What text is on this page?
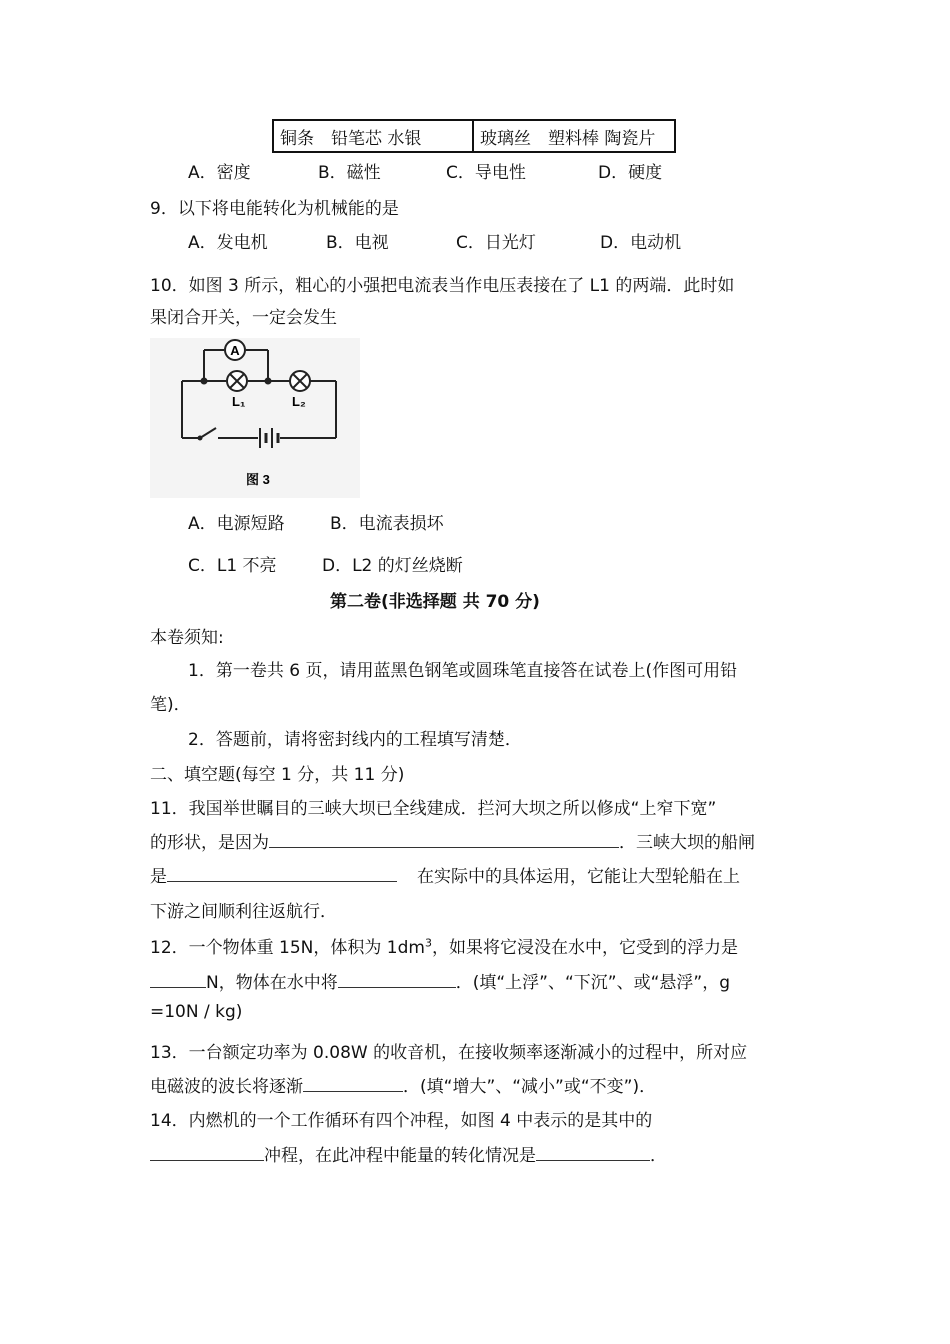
铜条　铅笔芯 水银	玻璃丝　塑料棒 陶瓷片
A．密度	B．磁性	C．导电性	D．硬度
9．以下将电能转化为机械能的是
A．发电机	B．电视	C．日光灯	D．电动机
10．如图 3 所示，粗心的小强把电流表当作电压表接在了 L1 的两端．此时如
果闭合开关，一定会发生
A
L₁	L₂
图 3
A．电源短路	B．电流表损坏
C．L1 不亮	D．L2 的灯丝烧断
第二卷(非选择题 共 70 分)
本卷须知:
1．第一卷共 6 页，请用蓝黑色钢笔或圆珠笔直接答在试卷上(作图可用铅
笔)．
2．答题前，请将密封线内的工程填写清楚．
二、填空题(每空 1 分，共 11 分)
11．我国举世瞩目的三峡大坝已全线建成．拦河大坝之所以修成“上窄下宽”
的形状，是因为	．三峡大坝的船闸
是	在实际中的具体运用，它能让大型轮船在上
下游之间顺利往返航行．
12．一个物体重 15N，体积为 $1dm^3$，如果将它浸没在水中，它受到的浮力是
N，物体在水中将	．(填“上浮”、“下沉”、或“悬浮”，g
=10N / kg)
13．一台额定功率为 0.08W 的收音机，在接收频率逐渐减小的过程中，所对应
电磁波的波长将逐渐	．(填“增大”、“减小”或“不变”)．
14．内燃机的一个工作循环有四个冲程，如图 4 中表示的是其中的
冲程，在此冲程中能量的转化情况是	．
